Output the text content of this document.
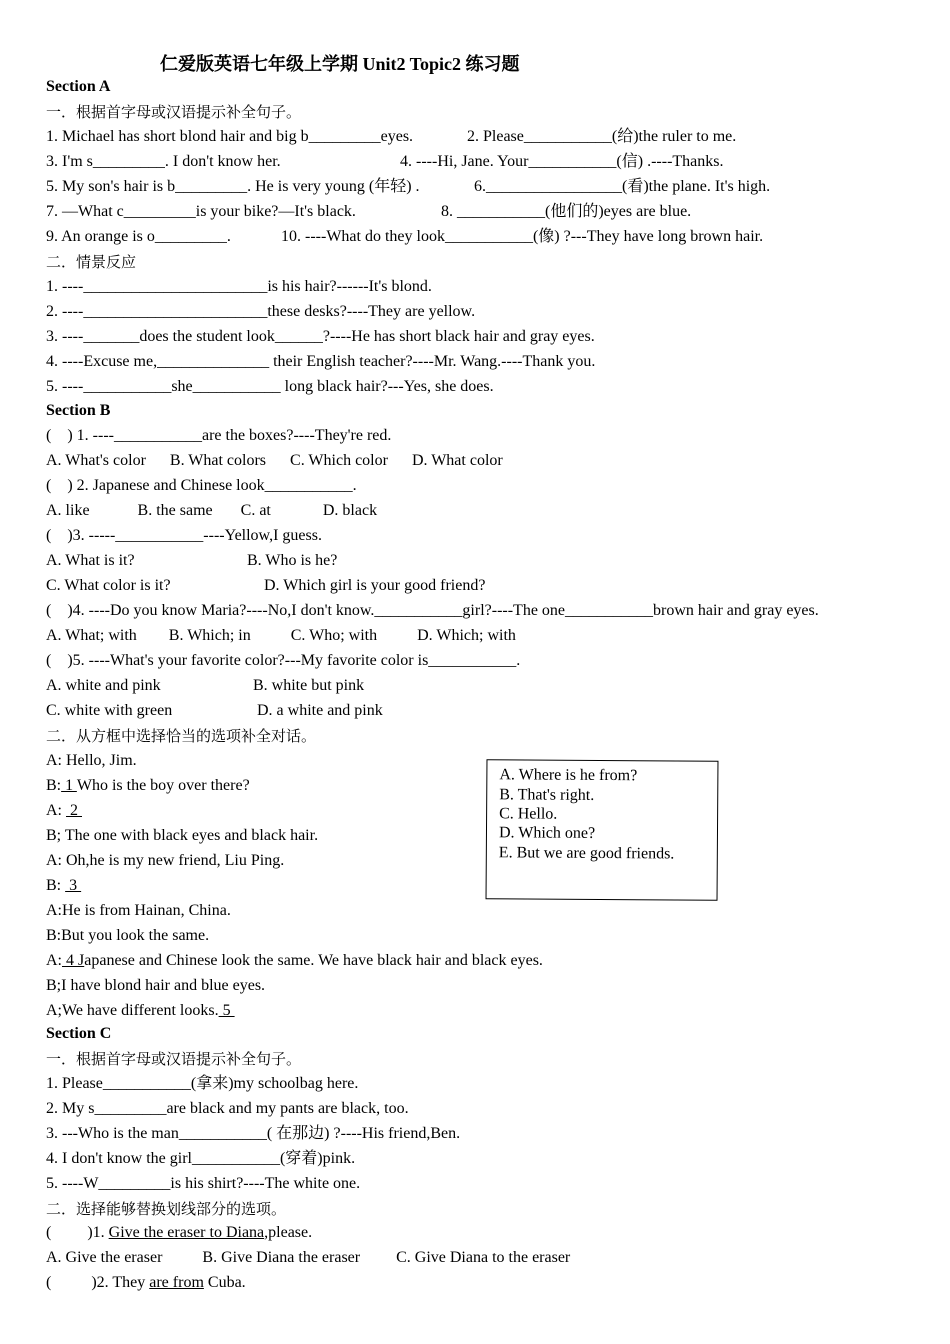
仁爱版英语七年级上学期 Unit2 Topic2 练习题
Section A
一．根据首字母或汉语提示补全句子。
1. Michael has short blond hair and big b_________eyes.	2. Please___________(给)the ruler to me.
3. I'm s_________. I don't know her.	4. ----Hi, Jane. Your___________(信) .----Thanks.
5. My son's hair is b_________. He is very young (年轻) .	6._________________(看)the plane. It's high.
7. —What c_________is your bike?—It's black.	8. ___________(他们的)eyes are blue.
9. An orange is o_________.	10. ----What do they look___________(像) ?---They have long brown hair.
二．情景反应
1. ----_______________________is his hair?------It's blond.
2. ----_______________________these desks?----They are yellow.
3. ----_______does the student look______?----He has short black hair and gray eyes.
4. ----Excuse me,______________ their English teacher?----Mr. Wang.----Thank you.
5. ----___________she___________ long black hair?---Yes, she does.
Section B
(    ) 1. ----___________are the boxes?----They're red.
A. What's color      B. What colors      C. Which color      D. What color
(    ) 2. Japanese and Chinese look___________.
A. like            B. the same       C. at             D. black
(    )3. -----___________----Yellow,I guess.
A. What is it?	B. Who is he?
C. What color is it?	D. Which girl is your good friend?
(    )4. ----Do you know Maria?----No,I don't know.___________girl?----The one___________brown hair and gray eyes.
A. What; with        B. Which; in          C. Who; with          D. Which; with
(    )5. ----What's your favorite color?---My favorite color is___________.
A. white and pink	B. white but pink
C. white with green	D. a white and pink
二．从方框中选择恰当的选项补全对话。
A: Hello, Jim.
B: 1 Who is the boy over there?
A:  2
B; The one with black eyes and black hair.
A: Oh,he is my new friend, Liu Ping.
B:  3
A:He is from Hainan, China.
B:But you look the same.
A: 4 Japanese and Chinese look the same. We have black hair and black eyes.
B;I have blond hair and blue eyes.
A;We have different looks. 5
A. Where is he from?
B. That's right.
C. Hello.
D. Which one?
E. But we are good friends.
Section C
一．根据首字母或汉语提示补全句子。
1. Please___________(拿来)my schoolbag here.
2. My s_________are black and my pants are black, too.
3. ---Who is the man___________( 在那边) ?----His friend,Ben.
4. I don't know the girl___________(穿着)pink.
5. ----W_________is his shirt?----The white one.
二．选择能够替换划线部分的选项。
(         )1. Give the eraser to Diana,please.
A. Give the eraser          B. Give Diana the eraser         C. Give Diana to the eraser
(          )2. They are from Cuba.
